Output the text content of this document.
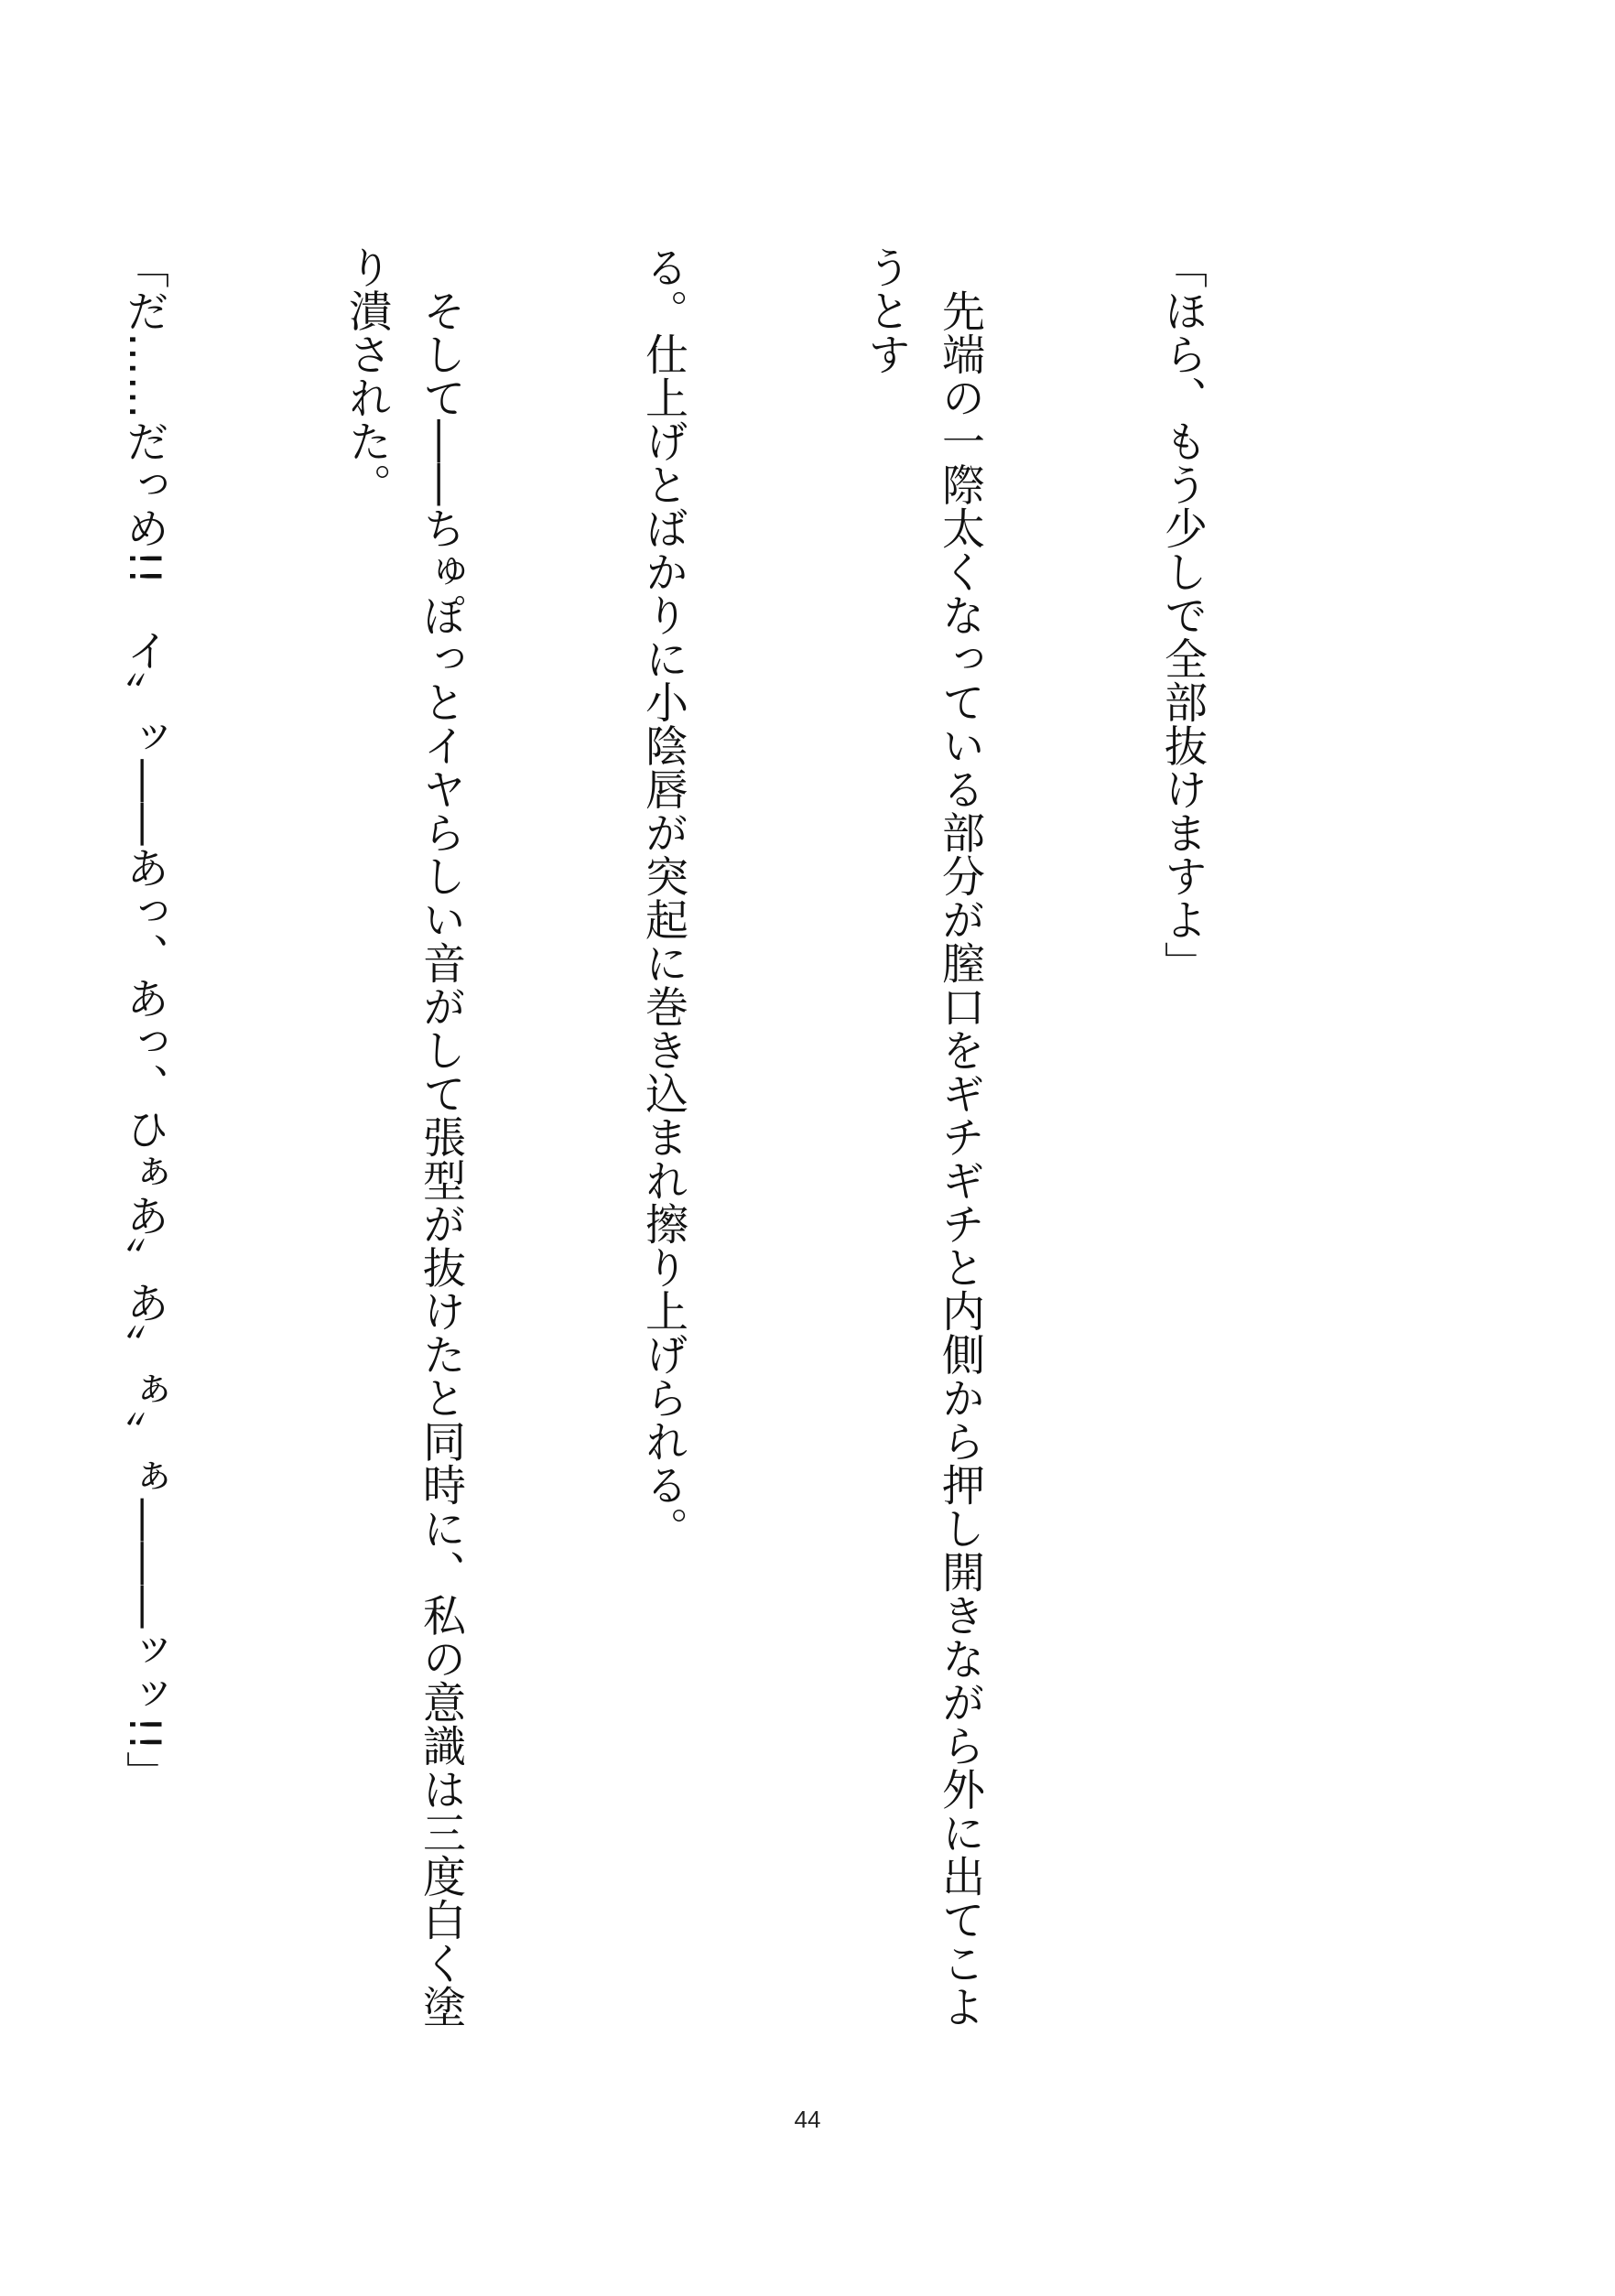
「ほら、もう少しで全部抜けますよ」

　先端の一際太くなっている部分が膣口をギチギチと内側から押し開きながら外に出てこようとす

る。仕上げとばかりに小陰唇が突起に巻き込まれ擦り上げられる。

　そして――ちゅぽっとイヤらしい音がして張型が抜けたと同時に、私の意識は三度白く塗り潰された。

「だ……だっめ!!　イ〟ッ――あっ、あっ、ひぁあ〟あ〟ぁ〟ぁ―――ッッ!!」

44
